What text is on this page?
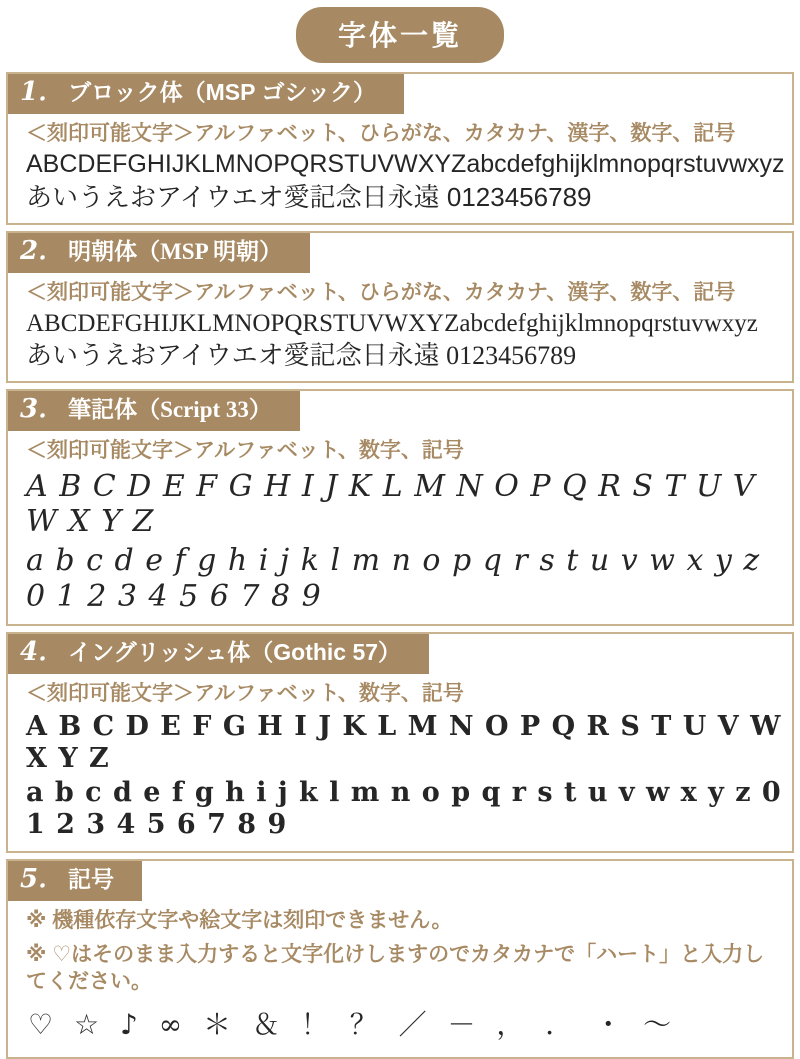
字体一覧
1． ブロック体（MSP ゴシック）
＜刻印可能文字＞アルファベット、ひらがな、カタカナ、漢字、数字、記号
ABCDEFGHIJKLMNOPQRSTUVWXYZabcdefghijklmnopqrstuvwxyz
あいうえおアイウエオ愛記念日永遠 0123456789
2． 明朝体（MSP 明朝）
＜刻印可能文字＞アルファベット、ひらがな、カタカナ、漢字、数字、記号
ABCDEFGHIJKLMNOPQRSTUVWXYZabcdefghijklmnopqrstuvwxyz
あいうえおアイウエオ愛記念日永遠 0123456789
3． 筆記体（Script 33）
＜刻印可能文字＞アルファベット、数字、記号
A B C D E F G H I J K L M N O P Q R S T U V W X Y Z
a b c d e f g h i j k l m n o p q r s t u v w x y z 0 1 2 3 4 5 6 7 8 9
4． イングリッシュ体（Gothic 57）
＜刻印可能文字＞アルファベット、数字、記号
A B C D E F G H I J K L M N O P Q R S T U V W X Y Z
a b c d e f g h i j k l m n o p q r s t u v w x y z 0 1 2 3 4 5 6 7 8 9
5． 記号
※ 機種依存文字や絵文字は刻印できません。
※ ♡はそのまま入力すると文字化けしますのでカタカナで「ハート」と入力してください。
♡ ☆ ♪ ∞ ＊ ＆ ！ ？ ／ － ， ． ・ ～
